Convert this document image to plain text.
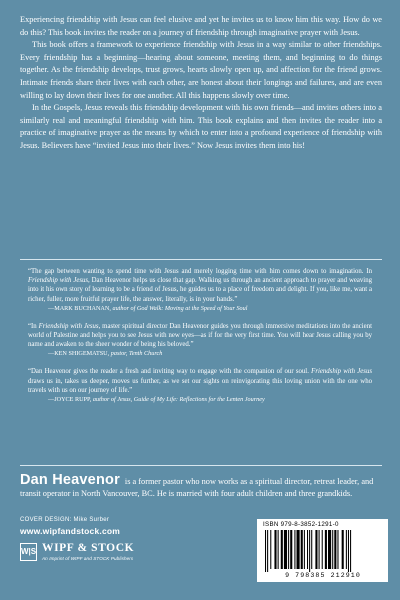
Experiencing friendship with Jesus can feel elusive and yet he invites us to know him this way. How do we do this? This book invites the reader on a journey of friendship through imaginative prayer with Jesus.

This book offers a framework to experience friendship with Jesus in a way similar to other friendships. Every friendship has a beginning—hearing about someone, meeting them, and beginning to do things together. As the friendship develops, trust grows, hearts slowly open up, and affection for the friend grows. Intimate friends share their lives with each other, are honest about their longings and failures, and are even willing to lay down their lives for one another. All this happens slowly over time.

In the Gospels, Jesus reveals this friendship development with his own friends—and invites others into a similarly real and meaningful friendship with him. This book explains and then invites the reader into a practice of imaginative prayer as the means by which to enter into a profound experience of friendship with Jesus. Believers have “invited Jesus into their lives.” Now Jesus invites them into his!

“The gap between wanting to spend time with Jesus and merely logging time with him comes down to imagination. In Friendship with Jesus, Dan Heavenor helps us close that gap. Walking us through an ancient approach to prayer and weaving into it his own story of learning to be a friend of Jesus, he guides us to a place of freedom and delight. If you, like me, want a richer, fuller, more fruitful prayer life, the answer, literally, is in your hands.”

—MARK BUCHANAN, author of God Walk: Moving at the Speed of Your Soul

“In Friendship with Jesus, master spiritual director Dan Heavenor guides you through immersive meditations into the ancient world of Palestine and helps you to see Jesus with new eyes—as if for the very first time. You will hear Jesus calling you by name and awaken to the sheer wonder of being his beloved.”

—KEN SHIGEMATSU, pastor, Tenth Church

“Dan Heavenor gives the reader a fresh and inviting way to engage with the companion of our soul. Friendship with Jesus draws us in, takes us deeper, moves us further, as we set our sights on reinvigorating this loving union with the one who travels with us on our journey of life.”

—JOYCE RUPP, author of Jesus, Guide of My Life: Reflections for the Lenten Journey

Dan Heavenor is a former pastor who now works as a spiritual director, retreat leader, and transit operator in North Vancouver, BC. He is married with four adult children and three grandkids.
COVER DESIGN: Mike Surber
www.wipfandstock.com
W|S WIPF & STOCK
An Imprint of WIPF and STOCK Publishers
ISBN 979-8-3852-1291-0
9 798385 212910
